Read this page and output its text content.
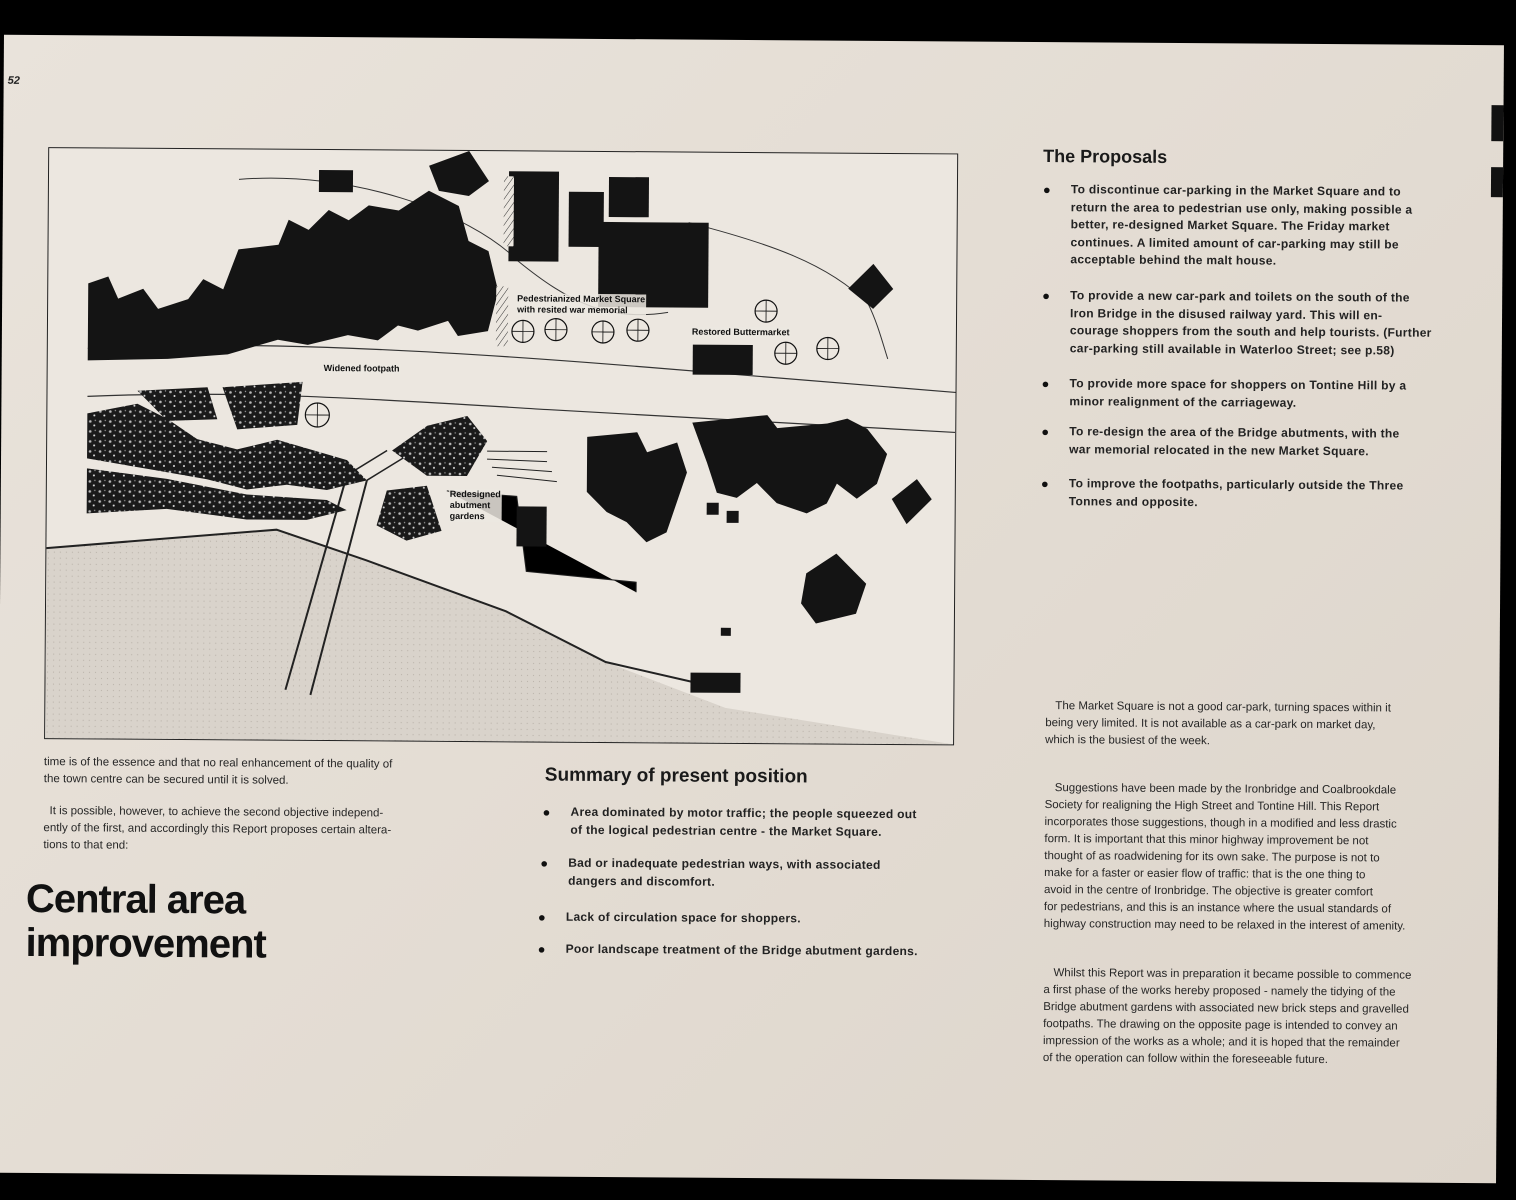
52
Pedestrianized Market Square
with resited war memorial
Restored Buttermarket
Widened footpath
Redesigned
abutment
gardens
The Proposals
● To discontinue car-parking in the Market Square and to
return the area to pedestrian use only, making possible a
better, re-designed Market Square. The Friday market
continues. A limited amount of car-parking may still be
acceptable behind the malt house.
● To provide a new car-park and toilets on the south of the
Iron Bridge in the disused railway yard. This will en-
courage shoppers from the south and help tourists. (Further
car-parking still available in Waterloo Street; see p.58)
● To provide more space for shoppers on Tontine Hill by a
minor realignment of the carriageway.
● To re-design the area of the Bridge abutments, with the
war memorial relocated in the new Market Square.
● To improve the footpaths, particularly outside the Three
Tonnes and opposite.
time is of the essence and that no real enhancement of the quality of
the town centre can be secured until it is solved.
It is possible, however, to achieve the second objective independ-
ently of the first, and accordingly this Report proposes certain altera-
tions to that end:
Central area
improvement
Summary of present position
● Area dominated by motor traffic; the people squeezed out
of the logical pedestrian centre - the Market Square.
● Bad or inadequate pedestrian ways, with associated
dangers and discomfort.
● Lack of circulation space for shoppers.
● Poor landscape treatment of the Bridge abutment gardens.
The Market Square is not a good car-park, turning spaces within it
being very limited. It is not available as a car-park on market day,
which is the busiest of the week.
Suggestions have been made by the Ironbridge and Coalbrookdale
Society for realigning the High Street and Tontine Hill. This Report
incorporates those suggestions, though in a modified and less drastic
form. It is important that this minor highway improvement be not
thought of as roadwidening for its own sake. The purpose is not to
make for a faster or easier flow of traffic: that is the one thing to
avoid in the centre of Ironbridge. The objective is greater comfort
for pedestrians, and this is an instance where the usual standards of
highway construction may need to be relaxed in the interest of amenity.
Whilst this Report was in preparation it became possible to commence
a first phase of the works hereby proposed - namely the tidying of the
Bridge abutment gardens with associated new brick steps and gravelled
footpaths. The drawing on the opposite page is intended to convey an
impression of the works as a whole; and it is hoped that the remainder
of the operation can follow within the foreseeable future.
